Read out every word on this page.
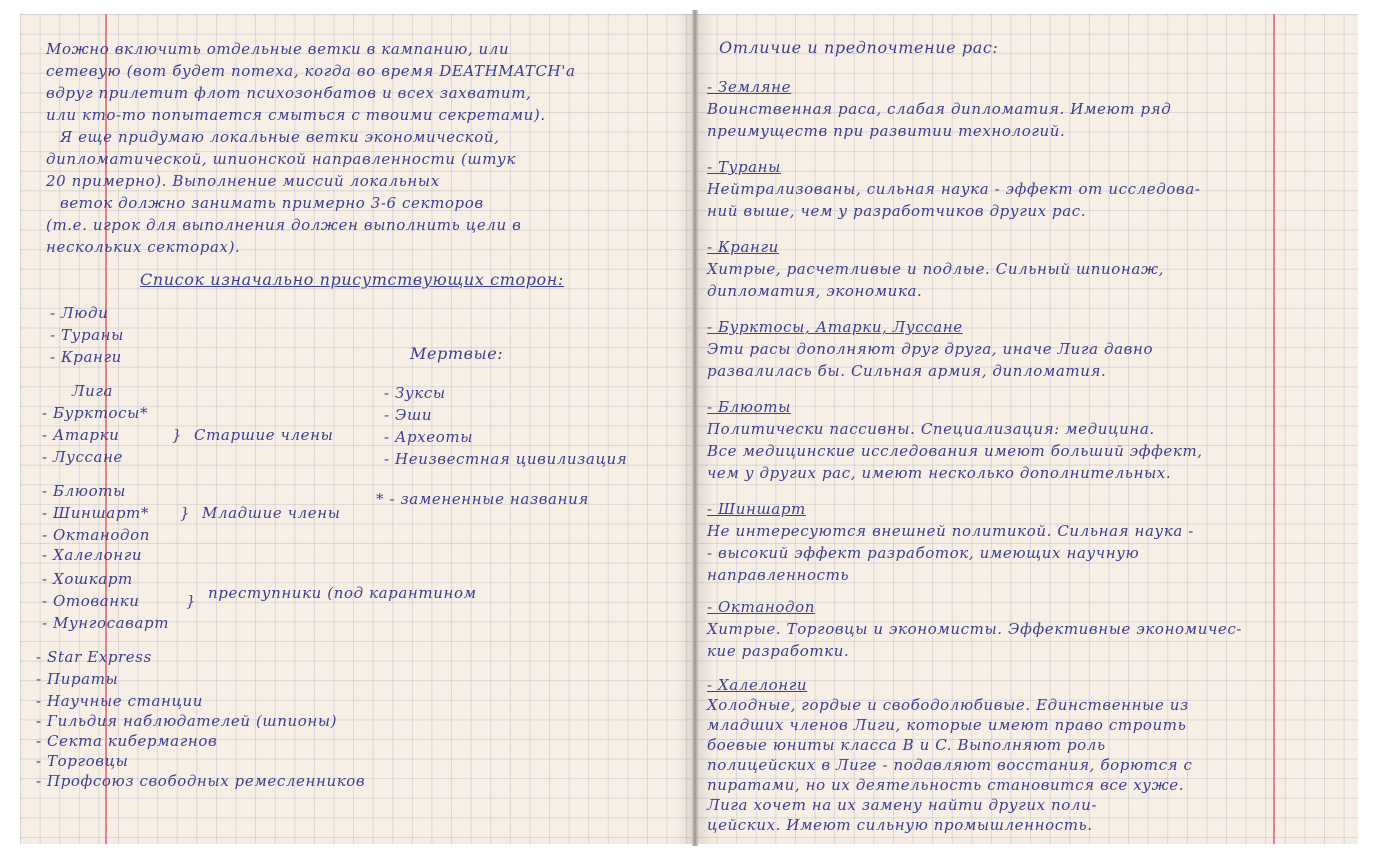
Можно включить отдельные ветки в кампанию, или
сетевую (вот будет потеха, когда во время DEATHMATCH'а
вдруг прилетит флот психозонбатов и всех захватит,
или кто-то попытается смыться с твоими секретами).
Я еще придумаю локальные ветки экономической,
дипломатической, шпионской направленности (штук
20 примерно). Выполнение миссий локальных
веток должно занимать примерно 3-6 секторов
(т.е. игрок для выполнения должен выполнить цели в
нескольких секторах).
Список изначально присутствующих сторон:
- Люди
- Тураны
- Кранги
Лига
- Бурктосы*
- Атарки
- Луссане
} Старшие члены
- Блюоты
- Шиншарт*
- Октанодоп
- Халелонги
} Младшие члены
- Хошкарт
- Отованки
- Мунгосаварт
} преступники (под карантином
- Star Express
- Пираты
- Научные станции
- Гильдия наблюдателей (шпионы)
- Секта кибермагнов
- Торговцы
- Профсоюз свободных ремесленников
Мертвые:
- Зуксы
- Эши
- Археоты
- Неизвестная цивилизация
* - замененные названия
Отличие и предпочтение рас:
- Земляне
Воинственная раса, слабая дипломатия. Имеют ряд
преимуществ при развитии технологий.
- Тураны
Нейтрализованы, сильная наука - эффект от исследова-
ний выше, чем у разработчиков других рас.
- Кранги
Хитрые, расчетливые и подлые. Сильный шпионаж,
дипломатия, экономика.
- Бурктосы, Атарки, Луссане
Эти расы дополняют друг друга, иначе Лига давно
развалилась бы. Сильная армия, дипломатия.
- Блюоты
Политически пассивны. Специализация: медицина.
Все медицинские исследования имеют больший эффект,
чем у других рас, имеют несколько дополнительных.
- Шиншарт
Не интересуются внешней политикой. Сильная наука -
- высокий эффект разработок, имеющих научную
направленность
- Октанодоп
Хитрые. Торговцы и экономисты. Эффективные экономичес-
кие разработки.
- Халелонги
Холодные, гордые и свободолюбивые. Единственные из
младших членов Лиги, которые имеют право строить
боевые юниты класса B и C. Выполняют роль
полицейских в Лиге - подавляют восстания, борются с
пиратами, но их деятельность становится все хуже.
Лига хочет на их замену найти других поли-
цейских. Имеют сильную промышленность.
